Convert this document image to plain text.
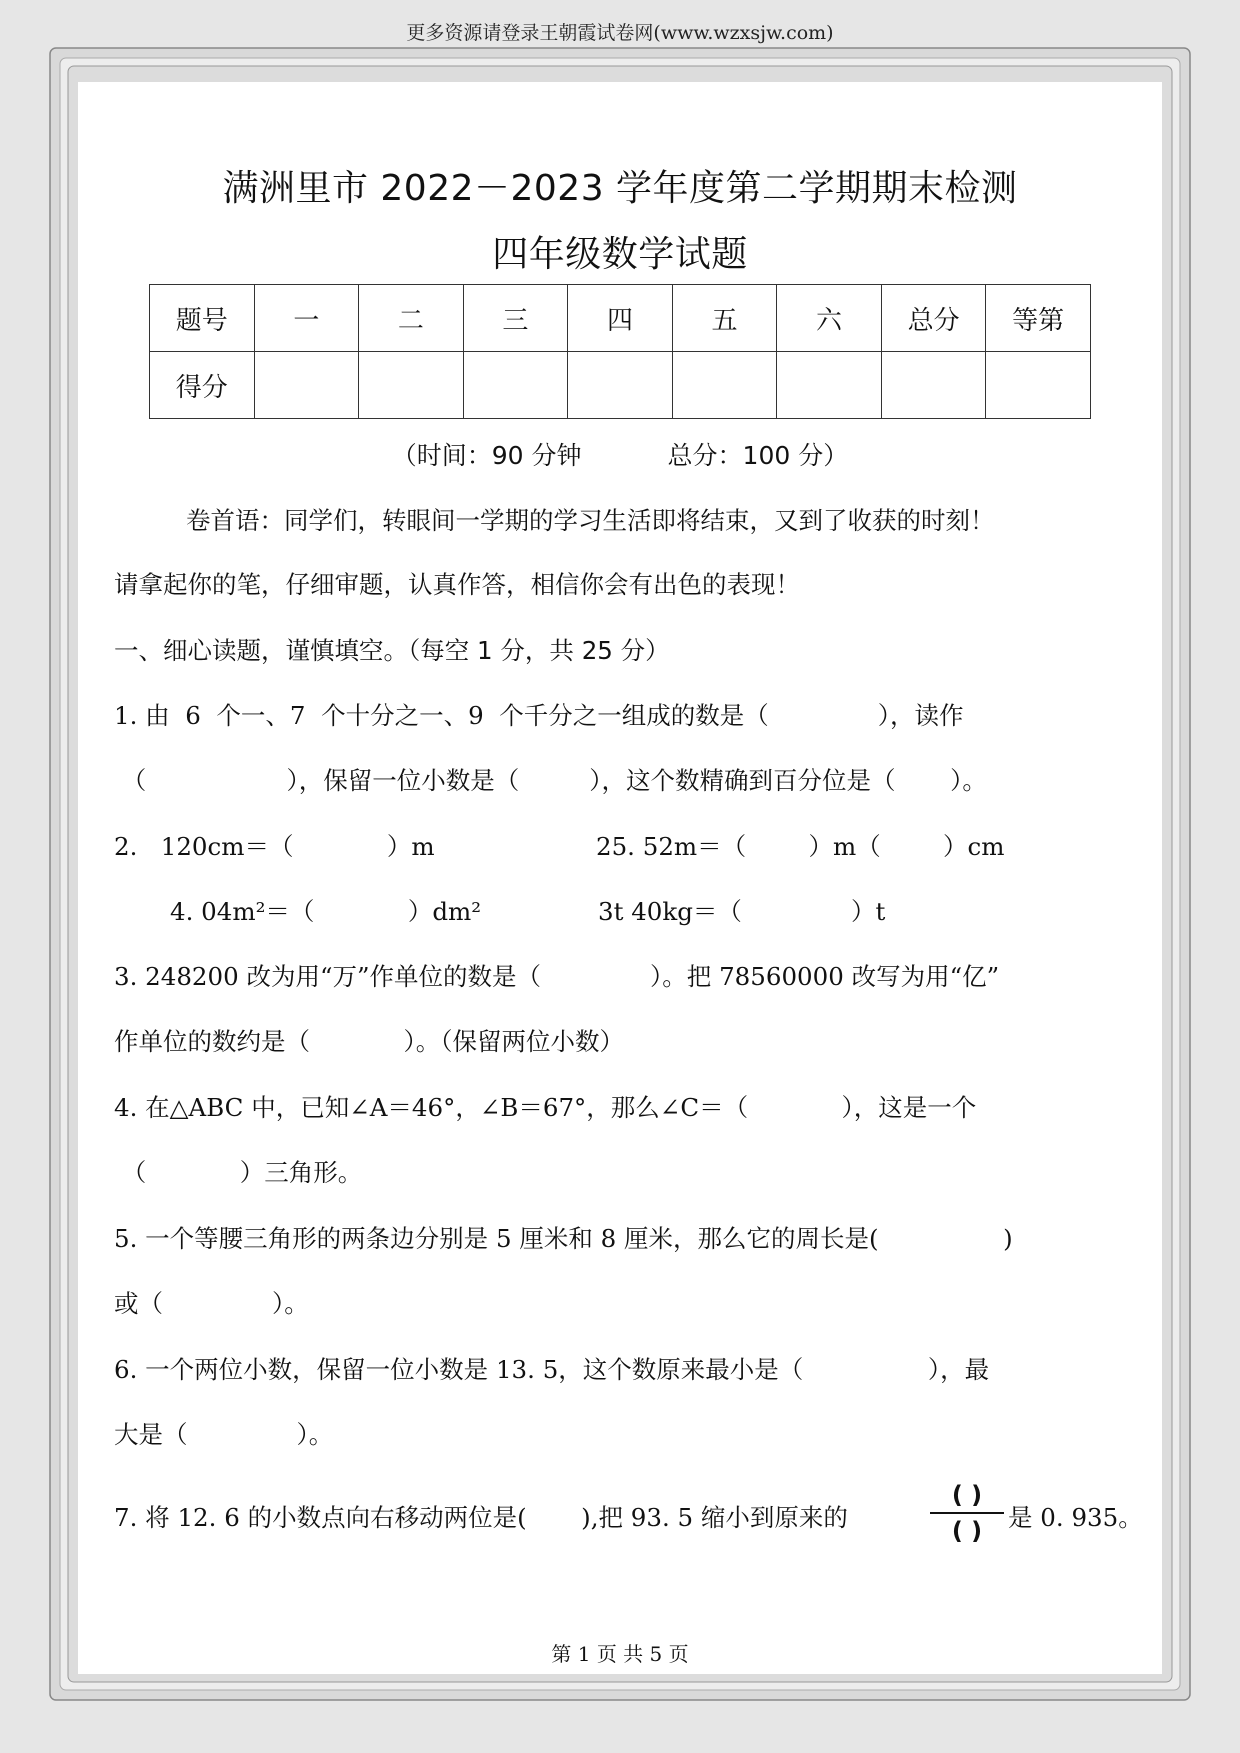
更多资源请登录王朝霞试卷网(www.wzxsjw.com)
满洲里市 2022－2023 学年度第二学期期末检测
四年级数学试题
题号	一	二	三	四	五	六	总分	等第
得分								
（时间：90 分钟	总分：100 分）
卷首语：同学们，转眼间一学期的学习生活即将结束，又到了收获的时刻！
请拿起你的笔，仔细审题，认真作答，相信你会有出色的表现！
一、细心读题，谨慎填空。（每空 1 分，共 25 分）
1. 由  6  个一、7  个十分之一、9  个千分之一组成的数是（              ），读作
（                  ），保留一位小数是（         ），这个数精确到百分位是（       ）。
2.   120cm＝（            ）m	25. 52m＝（        ）m（        ）cm
4. 04m²＝（            ）dm²	3t 40kg＝（              ）t
3. 248200 改为用“万”作单位的数是（              ）。把 78560000 改写为用“亿”
作单位的数约是（            ）。（保留两位小数）
4. 在△ABC 中，已知∠A＝46°，∠B＝67°，那么∠C＝（            ），这是一个
（            ）三角形。
5. 一个等腰三角形的两条边分别是 5 厘米和 8 厘米，那么它的周长是(                )
或（              ）。
6. 一个两位小数，保留一位小数是 13. 5，这个数原来最小是（                ），最
大是（              ）。
7. 将 12. 6 的小数点向右移动两位是(       ),把 93. 5 缩小到原来的
( )
( )	是 0. 935。
第 1 页 共 5 页
